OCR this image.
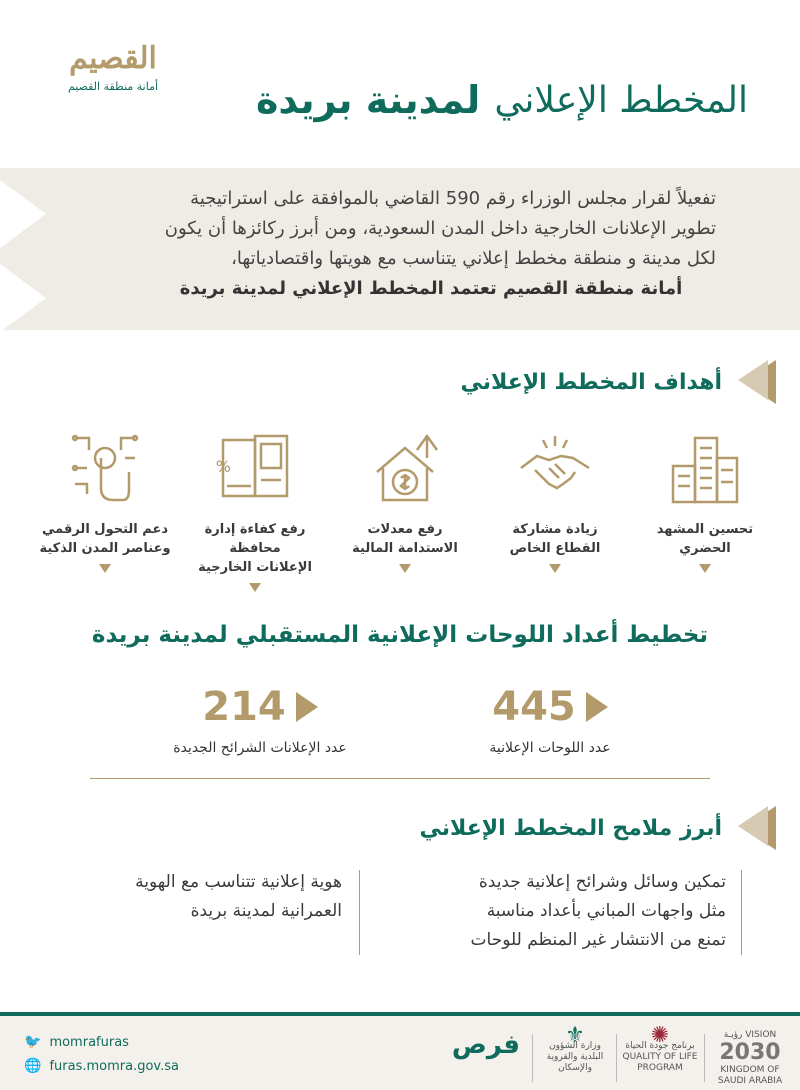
القصيم
أمانة منطقة القصيم	المخطط الإعلاني
لمدينة بريدة
تفعيلاً لقرار مجلس الوزراء رقم 590 القاضي بالموافقة على استراتيجية
تطوير الإعلانات الخارجية داخل المدن السعودية، ومن أبرز ركائزها أن يكون
لكل مدينة و منطقة مخطط إعلاني يتناسب مع هويتها واقتصادياتها،
أمانة منطقة القصيم تعتمد المخطط الإعلاني لمدينة بريدة
أهداف المخطط الإعلاني
تحسين المشهد
الحضري
زيادة مشاركة
القطاع الخاص
رفع معدلات
الاستدامة المالية
%
رفع كفاءة إدارة محافظة
الإعلانات الخارجية
دعم التحول الرقمي
وعناصر المدن الذكية
تخطيط أعداد اللوحات الإعلانية المستقبلي لمدينة بريدة
445
عدد اللوحات الإعلانية
214
عدد الإعلانات الشرائح الجديدة
أبرز ملامح المخطط الإعلاني
تمكين وسائل وشرائح إعلانية جديدة
مثل واجهات المباني بأعداد مناسبة
تمنع من الانتشار غير المنظم للوحات
هوية إعلانية تتناسب مع الهوية
العمرانية لمدينة بريدة
🐦 momrafuras
🌐 furas.momra.gov.sa
فرص	⚜
وزارة الشؤون البلدية والقروية والإسكان
✺
برنامج جودة الحياة
QUALITY OF LIFE PROGRAM
VISION رؤيـة
2030
KINGDOM OF SAUDI ARABIA
